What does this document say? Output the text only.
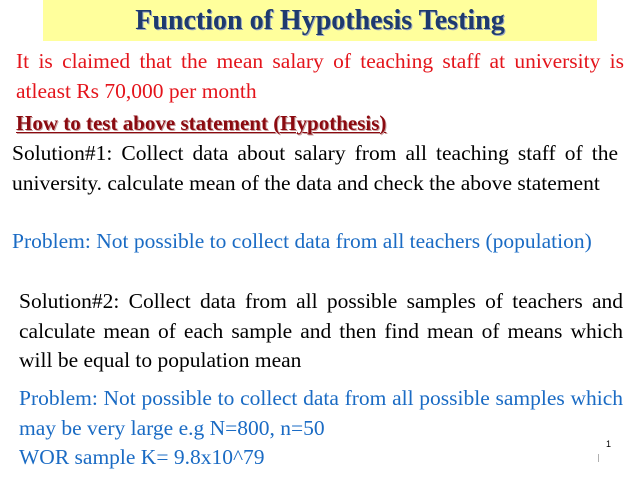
Function of Hypothesis Testing

It is claimed that the mean salary of teaching staff at university is atleast Rs 70,000 per month

How to test above statement (Hypothesis)

Solution#1: Collect data about salary from all teaching staff of the university. calculate mean of the data and check the above statement

Problem: Not possible to collect data from all teachers (population)

Solution#2: Collect data from all possible samples of teachers and calculate mean of each sample and then find mean of means which will be equal to population mean

Problem: Not possible to collect data from all possible samples which may be very large e.g N=800, n=50
WOR sample K= 9.8x10^79
1
